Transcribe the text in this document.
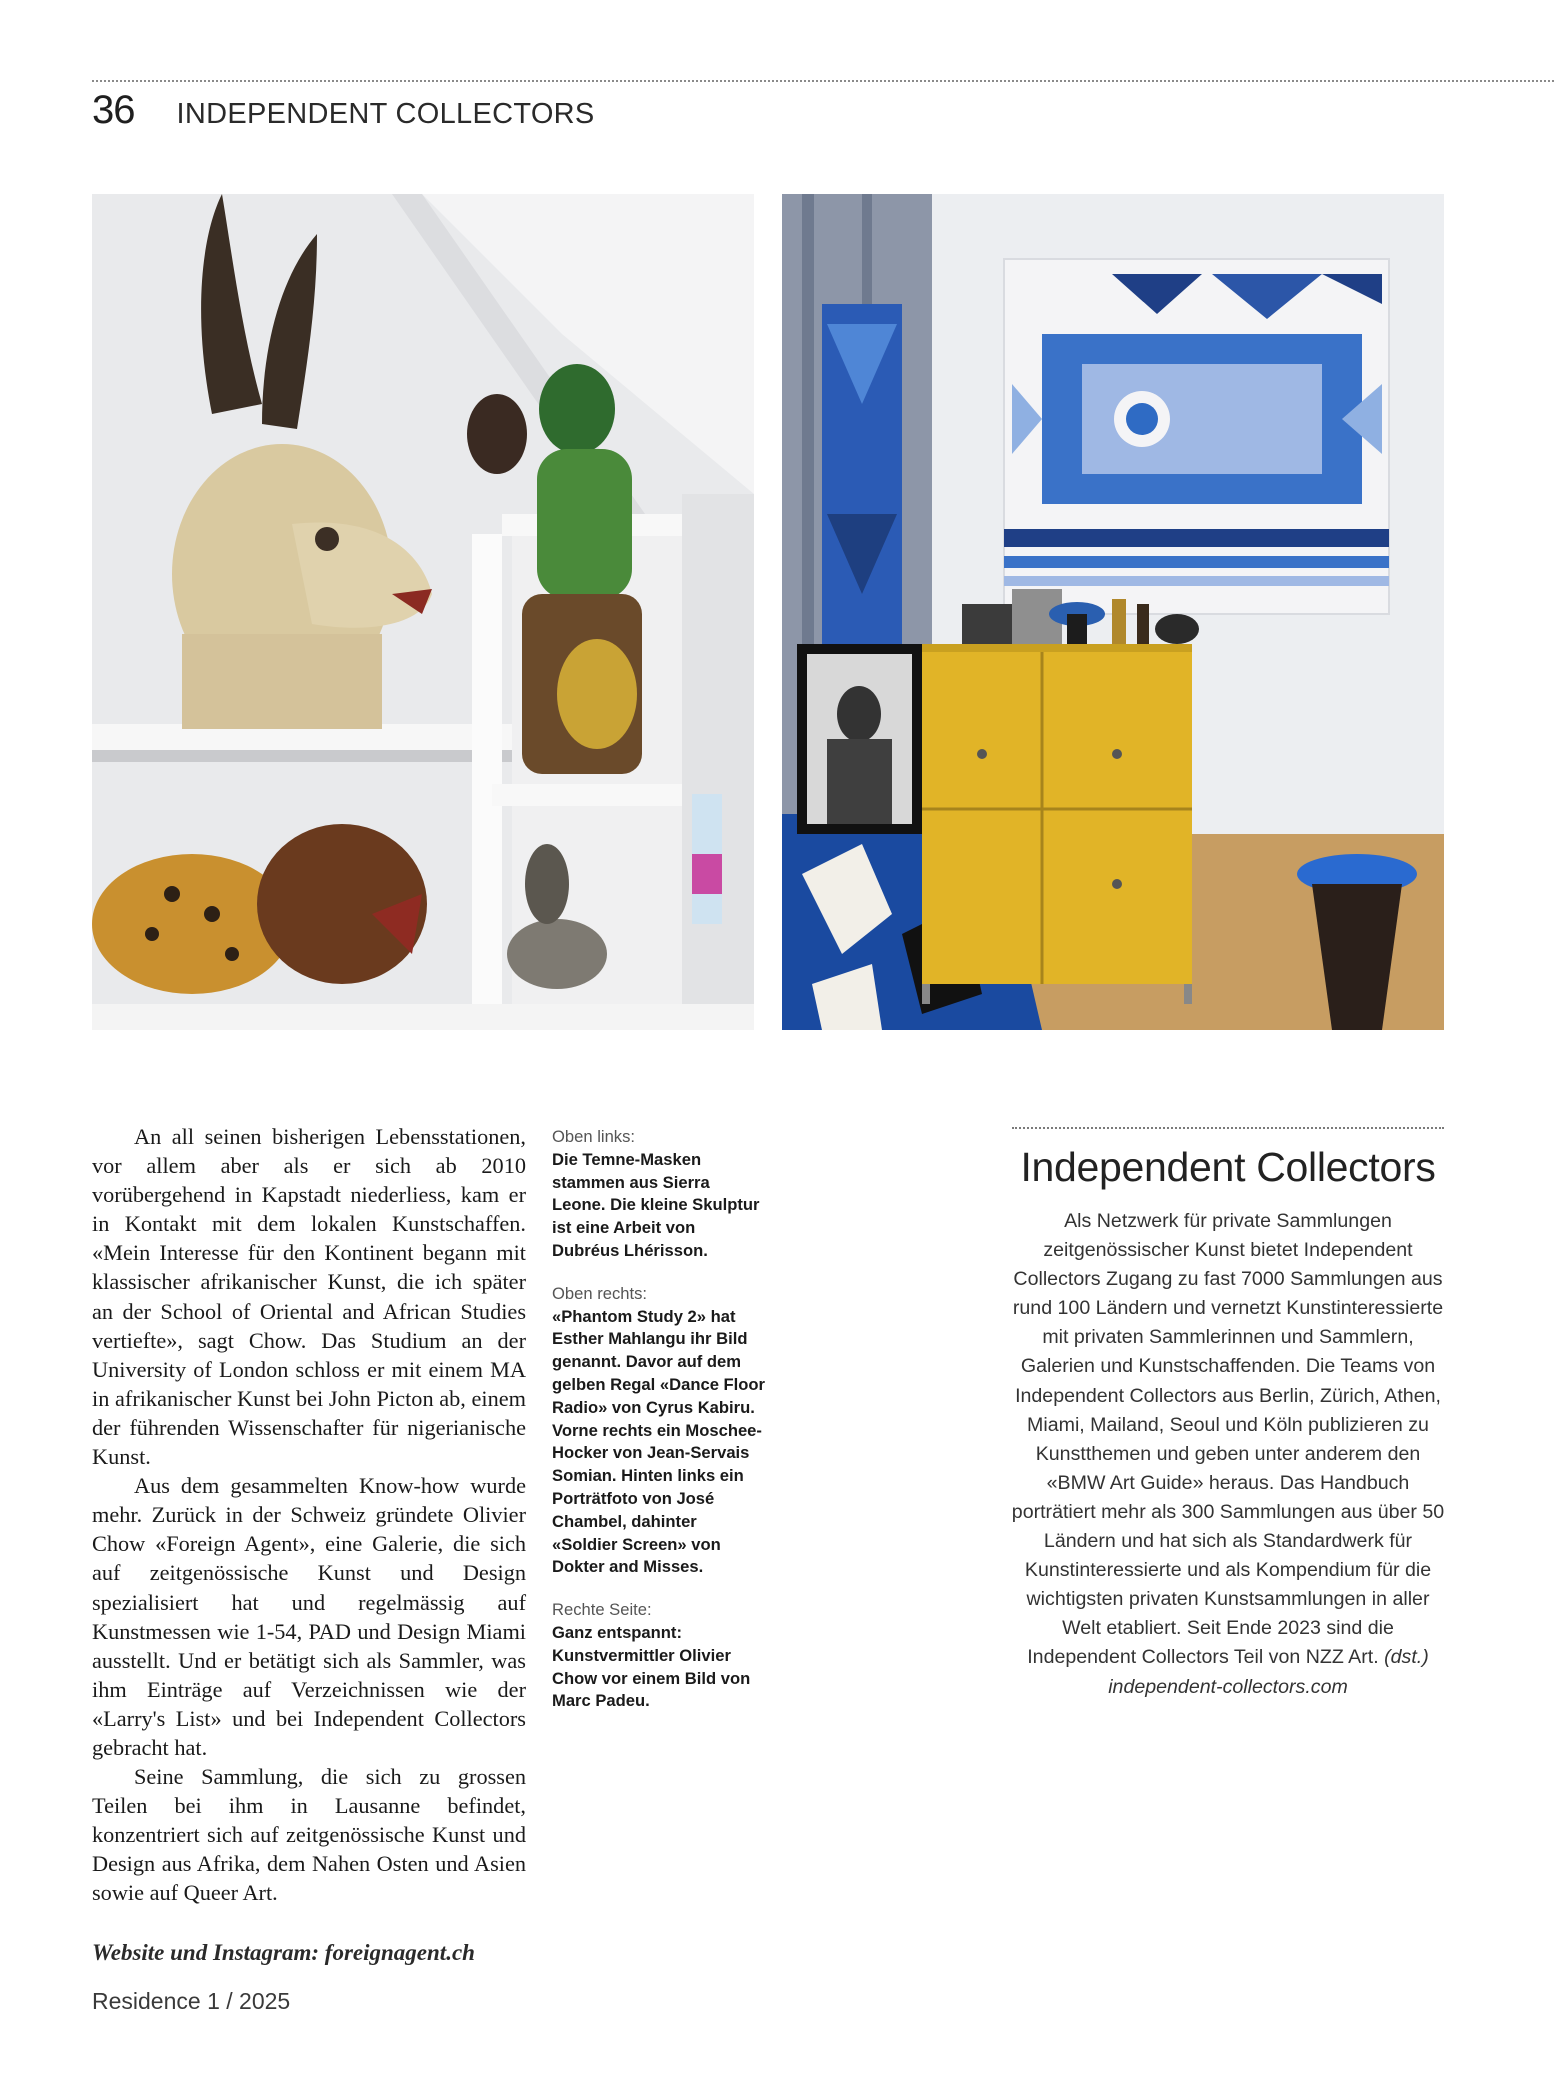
36 INDEPENDENT COLLECTORS

An all seinen bisherigen Lebensstationen, vor allem aber als er sich ab 2010 vorübergehend in Kapstadt niederliess, kam er in Kontakt mit dem lokalen Kunstschaffen. «Mein Interesse für den Kontinent begann mit klassischer afrikanischer Kunst, die ich später an der School of Oriental and African Studies vertiefte», sagt Chow. Das Studium an der University of London schloss er mit einem MA in afrikanischer Kunst bei John Picton ab, einem der führenden Wissenschafter für nigerianische Kunst.

Aus dem gesammelten Know-how wurde mehr. Zurück in der Schweiz gründete Olivier Chow «Foreign Agent», eine Galerie, die sich auf zeitgenössische Kunst und Design spezialisiert hat und regelmässig auf Kunstmessen wie 1-54, PAD und Design Miami ausstellt. Und er betätigt sich als Sammler, was ihm Einträge auf Verzeichnissen wie der «Larry's List» und bei Independent Collectors gebracht hat.

Seine Sammlung, die sich zu grossen Teilen bei ihm in Lausanne befindet, konzentriert sich auf zeitgenössische Kunst und Design aus Afrika, dem Nahen Osten und Asien sowie auf Queer Art.

Website und Instagram: foreignagent.ch
Oben links:
Die Temne-Masken stammen aus Sierra Leone. Die kleine Skulptur ist eine Arbeit von Dubréus Lhérisson.
Oben rechts:
«Phantom Study 2» hat Esther Mahlangu ihr Bild genannt. Davor auf dem gelben Regal «Dance Floor Radio» von Cyrus Kabiru. Vorne rechts ein Moschee-Hocker von Jean-Servais Somian. Hinten links ein Porträtfoto von José Chambel, dahinter «Soldier Screen» von Dokter and Misses.
Rechte Seite:
Ganz entspannt: Kunstvermittler Olivier Chow vor einem Bild von Marc Padeu.
Independent Collectors

Als Netzwerk für private Sammlungen zeitgenössischer Kunst bietet Independent Collectors Zugang zu fast 7000 Sammlungen aus rund 100 Ländern und vernetzt Kunstinteressierte mit privaten Sammlerinnen und Sammlern, Galerien und Kunstschaffenden. Die Teams von Independent Collectors aus Berlin, Zürich, Athen, Miami, Mailand, Seoul und Köln publizieren zu Kunstthemen und geben unter anderem den «BMW Art Guide» heraus. Das Handbuch porträtiert mehr als 300 Sammlungen aus über 50 Ländern und hat sich als Standardwerk für Kunstinteressierte und als Kompendium für die wichtigsten privaten Kunstsammlungen in aller Welt etabliert. Seit Ende 2023 sind die Independent Collectors Teil von NZZ Art. (dst.)

independent-collectors.com
Residence 1 / 2025
